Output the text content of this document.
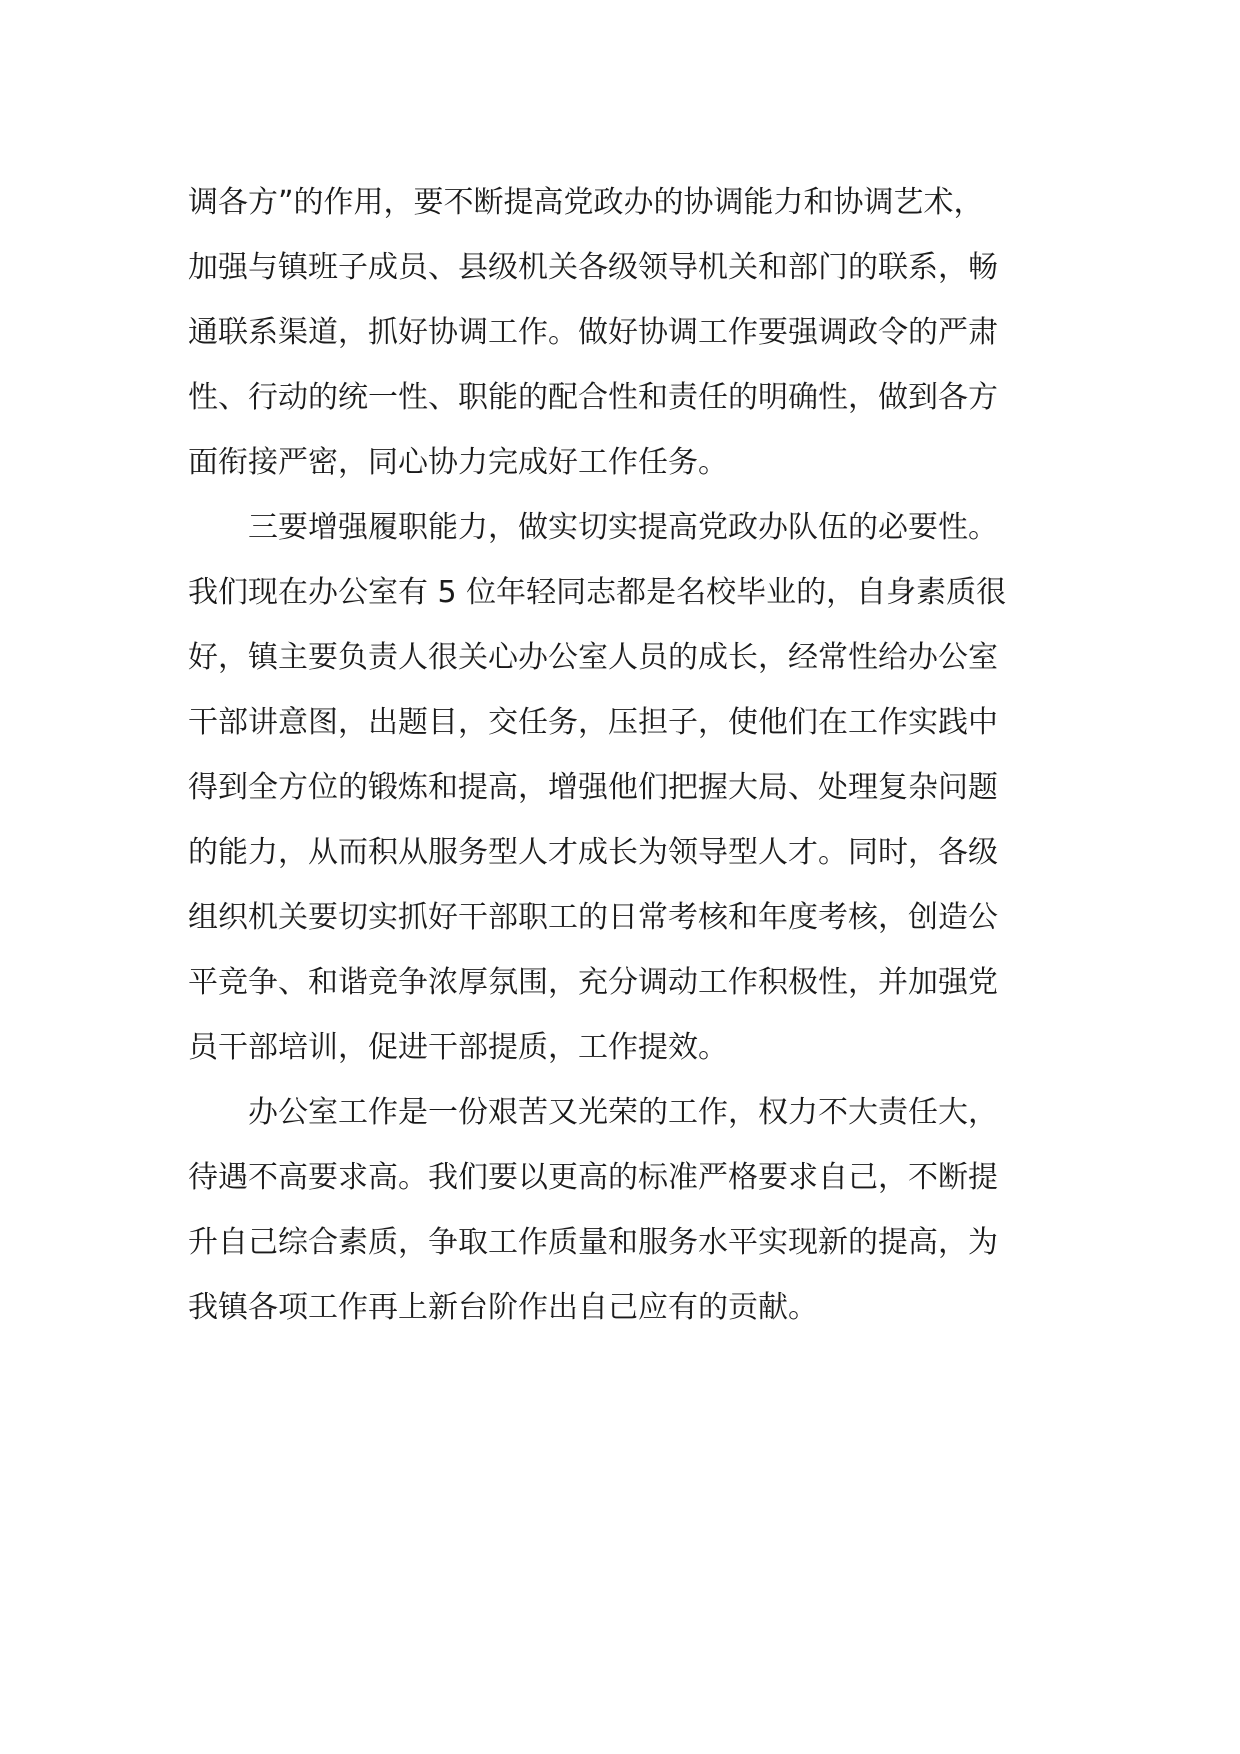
调各方”的作用，要不断提高党政办的协调能力和协调艺术，
加强与镇班子成员、县级机关各级领导机关和部门的联系，畅
通联系渠道，抓好协调工作。做好协调工作要强调政令的严肃
性、行动的统一性、职能的配合性和责任的明确性，做到各方
面衔接严密，同心协力完成好工作任务。
三要增强履职能力，做实切实提高党政办队伍的必要性。
我们现在办公室有 5 位年轻同志都是名校毕业的，自身素质很
好，镇主要负责人很关心办公室人员的成长，经常性给办公室
干部讲意图，出题目，交任务，压担子，使他们在工作实践中
得到全方位的锻炼和提高，增强他们把握大局、处理复杂问题
的能力，从而积从服务型人才成长为领导型人才。同时，各级
组织机关要切实抓好干部职工的日常考核和年度考核，创造公
平竞争、和谐竞争浓厚氛围，充分调动工作积极性，并加强党
员干部培训，促进干部提质，工作提效。
办公室工作是一份艰苦又光荣的工作，权力不大责任大，
待遇不高要求高。我们要以更高的标准严格要求自己，不断提
升自己综合素质，争取工作质量和服务水平实现新的提高，为
我镇各项工作再上新台阶作出自己应有的贡献。
